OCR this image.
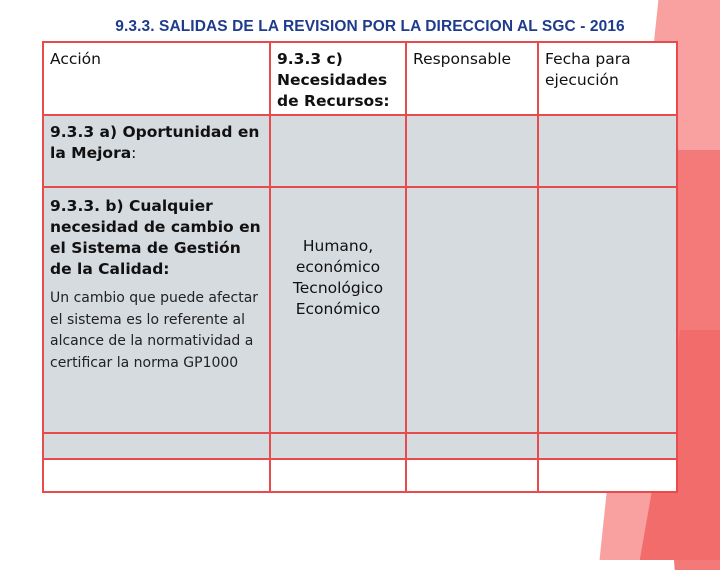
9.3.3. SALIDAS DE LA REVISION POR LA DIRECCION AL SGC - 2016
Acción	9.3.3 c) Necesidades de Recursos:
Responsable	Fecha para ejecución
9.3.3 a) Oportunidad en la Mejora:
9.3.3. b) Cualquier necesidad de cambio en el Sistema de Gestión de la Calidad:
Un cambio que puede afectar el sistema es lo referente al alcance de la normatividad a certificar la norma GP1000
Humano,
económico
Tecnológico
Económico
